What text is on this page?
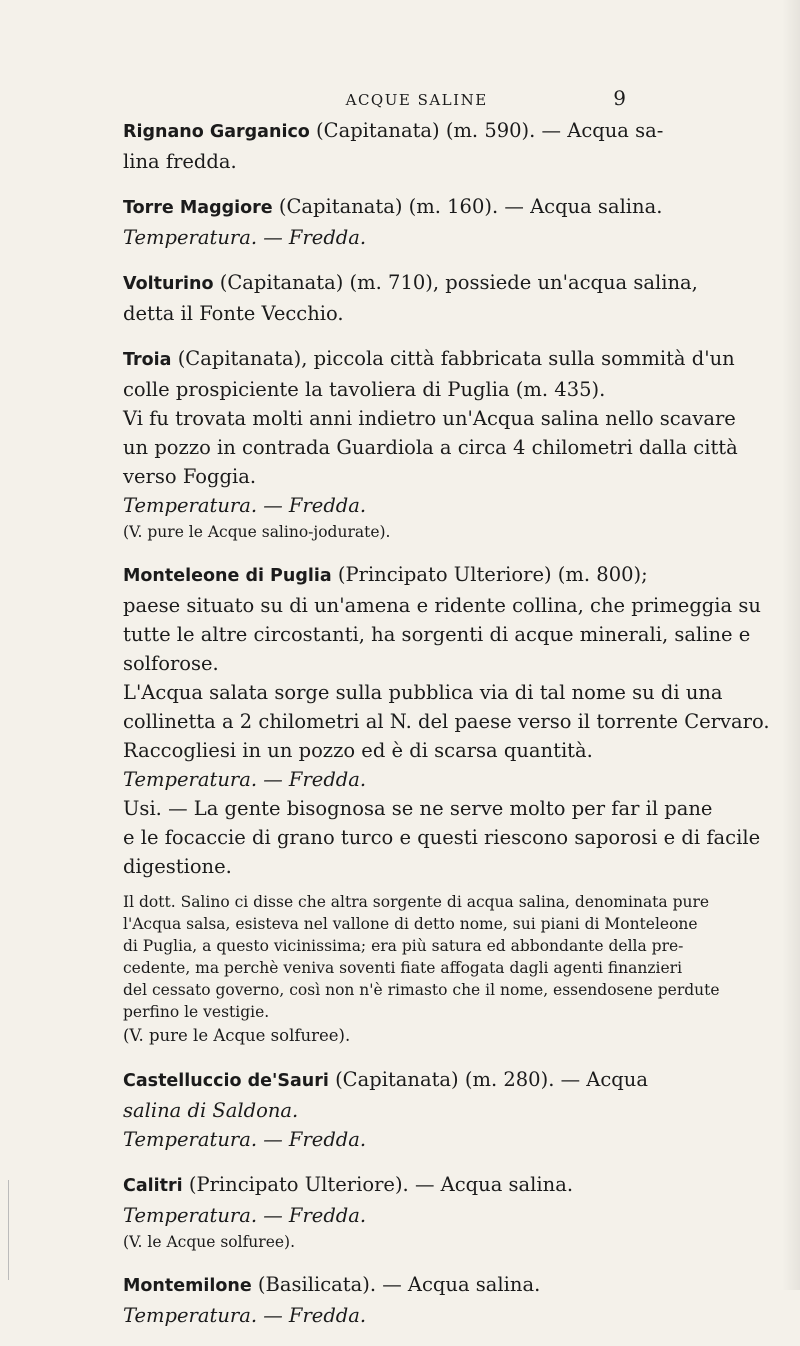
ACQUE SALINE	9

Rignano Garganico (Capitanata) (m. 590). — Acqua sa-
lina fredda.

Torre Maggiore (Capitanata) (m. 160). — Acqua salina.
Temperatura. — Fredda.

Volturino (Capitanata) (m. 710), possiede un'acqua salina,
detta il Fonte Vecchio.

Troia (Capitanata), piccola città fabbricata sulla sommità d'un
colle prospiciente la tavoliera di Puglia (m. 435).
Vi fu trovata molti anni indietro un'Acqua salina nello scavare
un pozzo in contrada Guardiola a circa 4 chilometri dalla città
verso Foggia.
Temperatura. — Fredda.
(V. pure le Acque salino-jodurate).

Monteleone di Puglia (Principato Ulteriore) (m. 800);
paese situato su di un'amena e ridente collina, che primeggia su
tutte le altre circostanti, ha sorgenti di acque minerali, saline e
solforose.
L'Acqua salata sorge sulla pubblica via di tal nome su di una
collinetta a 2 chilometri al N. del paese verso il torrente Cervaro.
Raccogliesi in un pozzo ed è di scarsa quantità.
Temperatura. — Fredda.
Usi. — La gente bisognosa se ne serve molto per far il pane
e le focaccie di grano turco e questi riescono saporosi e di facile
digestione.

Il dott. Salino ci disse che altra sorgente di acqua salina, denominata pure
l'Acqua salsa, esisteva nel vallone di detto nome, sui piani di Monteleone
di Puglia, a questo vicinissima; era più satura ed abbondante della pre-
cedente, ma perchè veniva soventi fiate affogata dagli agenti finanzieri
del cessato governo, così non n'è rimasto che il nome, essendosene perdute
perfino le vestigie.
(V. pure le Acque solfuree).

Castelluccio de'Sauri (Capitanata) (m. 280). — Acqua
salina di Saldona.
Temperatura. — Fredda.

Calitri (Principato Ulteriore). — Acqua salina.
Temperatura. — Fredda.
(V. le Acque solfuree).

Montemilone (Basilicata). — Acqua salina.
Temperatura. — Fredda.
